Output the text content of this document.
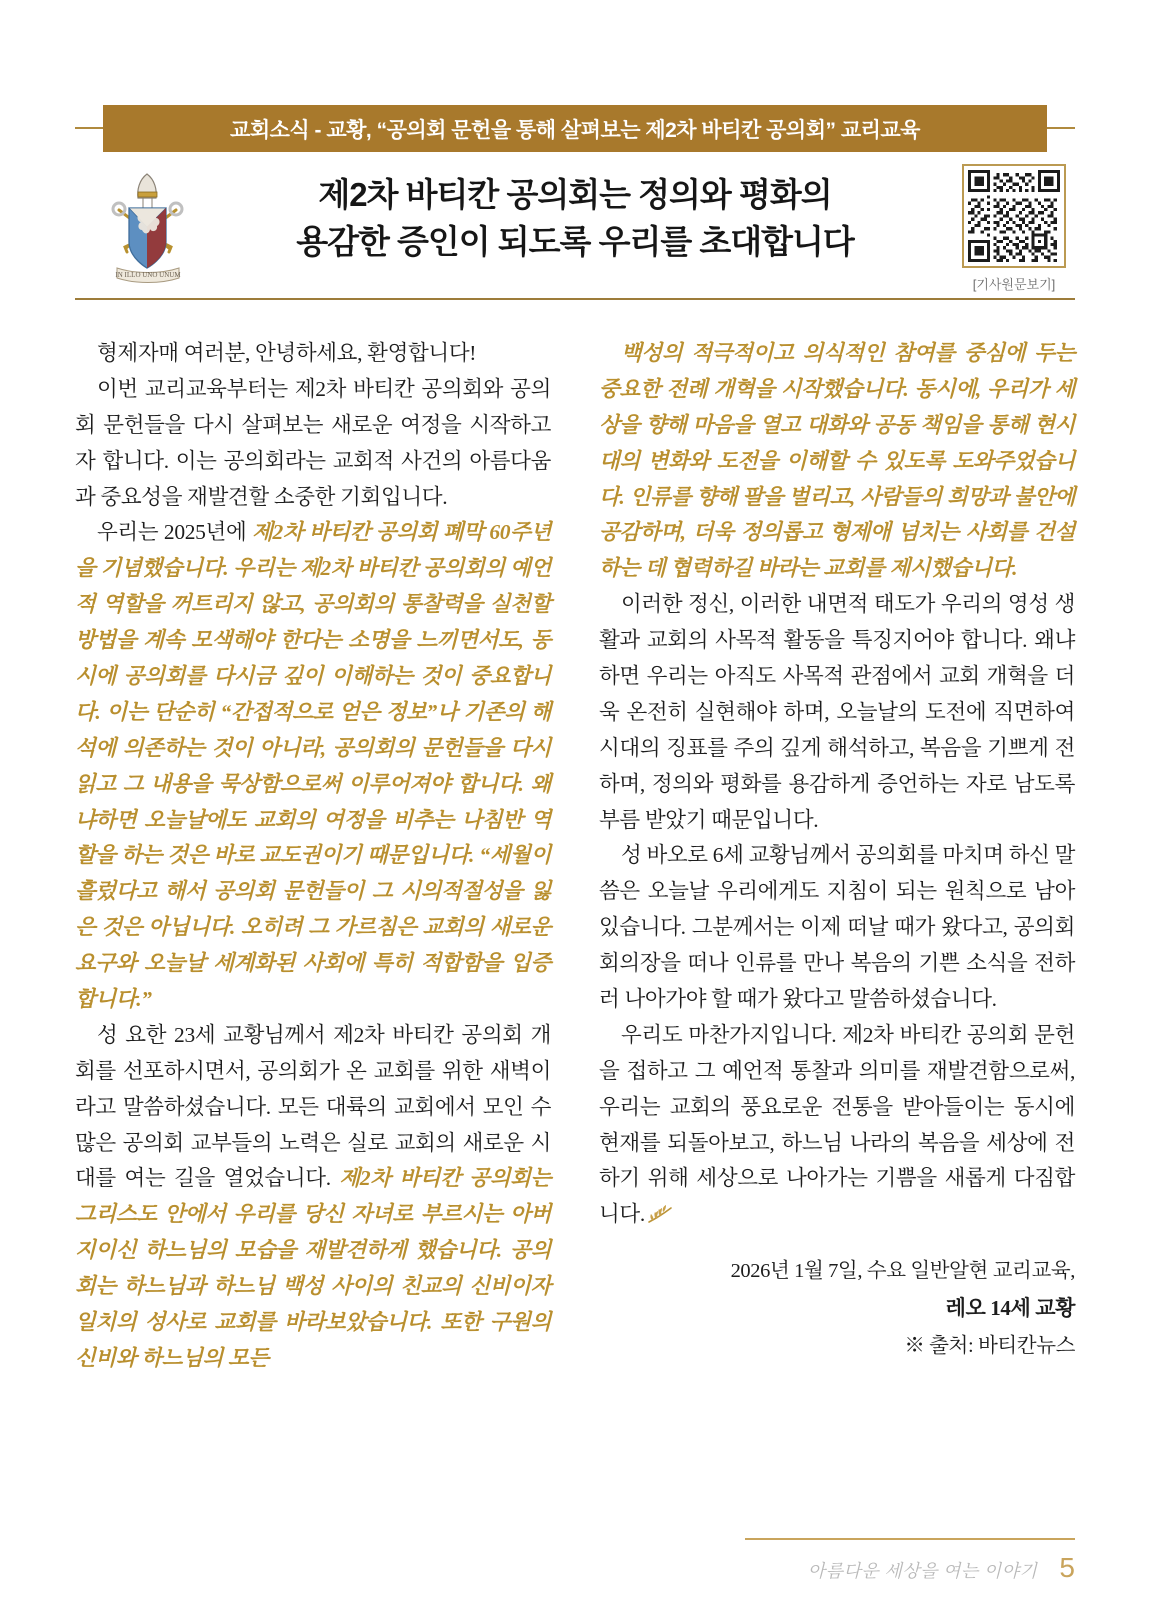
교회소식 - 교황, “공의회 문헌을 통해 살펴보는 제2차 바티칸 공의회” 교리교육
IN ILLO UNO UNUM
제2차 바티칸 공의회는 정의와 평화의
용감한 증인이 되도록 우리를 초대합니다
[기사원문보기]

형제자매 여러분, 안녕하세요, 환영합니다!

이번 교리교육부터는 제2차 바티칸 공의회와 공의회 문헌들을 다시 살펴보는 새로운 여정을 시작하고자 합니다. 이는 공의회라는 교회적 사건의 아름다움과 중요성을 재발견할 소중한 기회입니다.

우리는 2025년에 제2차 바티칸 공의회 폐막 60주년을 기념했습니다. 우리는 제2차 바티칸 공의회의 예언적 역할을 꺼트리지 않고, 공의회의 통찰력을 실천할 방법을 계속 모색해야 한다는 소명을 느끼면서도, 동시에 공의회를 다시금 깊이 이해하는 것이 중요합니다. 이는 단순히 “간접적으로 얻은 정보”나 기존의 해석에 의존하는 것이 아니라, 공의회의 문헌들을 다시 읽고 그 내용을 묵상함으로써 이루어져야 합니다. 왜냐하면 오늘날에도 교회의 여정을 비추는 나침반 역할을 하는 것은 바로 교도권이기 때문입니다. “세월이 흘렀다고 해서 공의회 문헌들이 그 시의적절성을 잃은 것은 아닙니다. 오히려 그 가르침은 교회의 새로운 요구와 오늘날 세계화된 사회에 특히 적합함을 입증합니다.”

성 요한 23세 교황님께서 제2차 바티칸 공의회 개회를 선포하시면서, 공의회가 온 교회를 위한 새벽이라고 말씀하셨습니다. 모든 대륙의 교회에서 모인 수많은 공의회 교부들의 노력은 실로 교회의 새로운 시대를 여는 길을 열었습니다. 제2차 바티칸 공의회는 그리스도 안에서 우리를 당신 자녀로 부르시는 아버지이신 하느님의 모습을 재발견하게 했습니다. 공의회는 하느님과 하느님 백성 사이의 친교의 신비이자 일치의 성사로 교회를 바라보았습니다. 또한 구원의 신비와 하느님의 모든

백성의 적극적이고 의식적인 참여를 중심에 두는 중요한 전례 개혁을 시작했습니다. 동시에, 우리가 세상을 향해 마음을 열고 대화와 공동 책임을 통해 현시대의 변화와 도전을 이해할 수 있도록 도와주었습니다. 인류를 향해 팔을 벌리고, 사람들의 희망과 불안에 공감하며, 더욱 정의롭고 형제애 넘치는 사회를 건설하는 데 협력하길 바라는 교회를 제시했습니다.

이러한 정신, 이러한 내면적 태도가 우리의 영성 생활과 교회의 사목적 활동을 특징지어야 합니다. 왜냐하면 우리는 아직도 사목적 관점에서 교회 개혁을 더욱 온전히 실현해야 하며, 오늘날의 도전에 직면하여 시대의 징표를 주의 깊게 해석하고, 복음을 기쁘게 전하며, 정의와 평화를 용감하게 증언하는 자로 남도록 부름 받았기 때문입니다.

성 바오로 6세 교황님께서 공의회를 마치며 하신 말씀은 오늘날 우리에게도 지침이 되는 원칙으로 남아 있습니다. 그분께서는 이제 떠날 때가 왔다고, 공의회 회의장을 떠나 인류를 만나 복음의 기쁜 소식을 전하러 나아가야 할 때가 왔다고 말씀하셨습니다.

우리도 마찬가지입니다. 제2차 바티칸 공의회 문헌을 접하고 그 예언적 통찰과 의미를 재발견함으로써, 우리는 교회의 풍요로운 전통을 받아들이는 동시에 현재를 되돌아보고, 하느님 나라의 복음을 세상에 전하기 위해 세상으로 나아가는 기쁨을 새롭게 다짐합니다.

2026년 1월 7일, 수요 일반알현 교리교육,
레오 14세 교황
※ 출처: 바티칸뉴스
아름다운 세상을 여는 이야기 5
